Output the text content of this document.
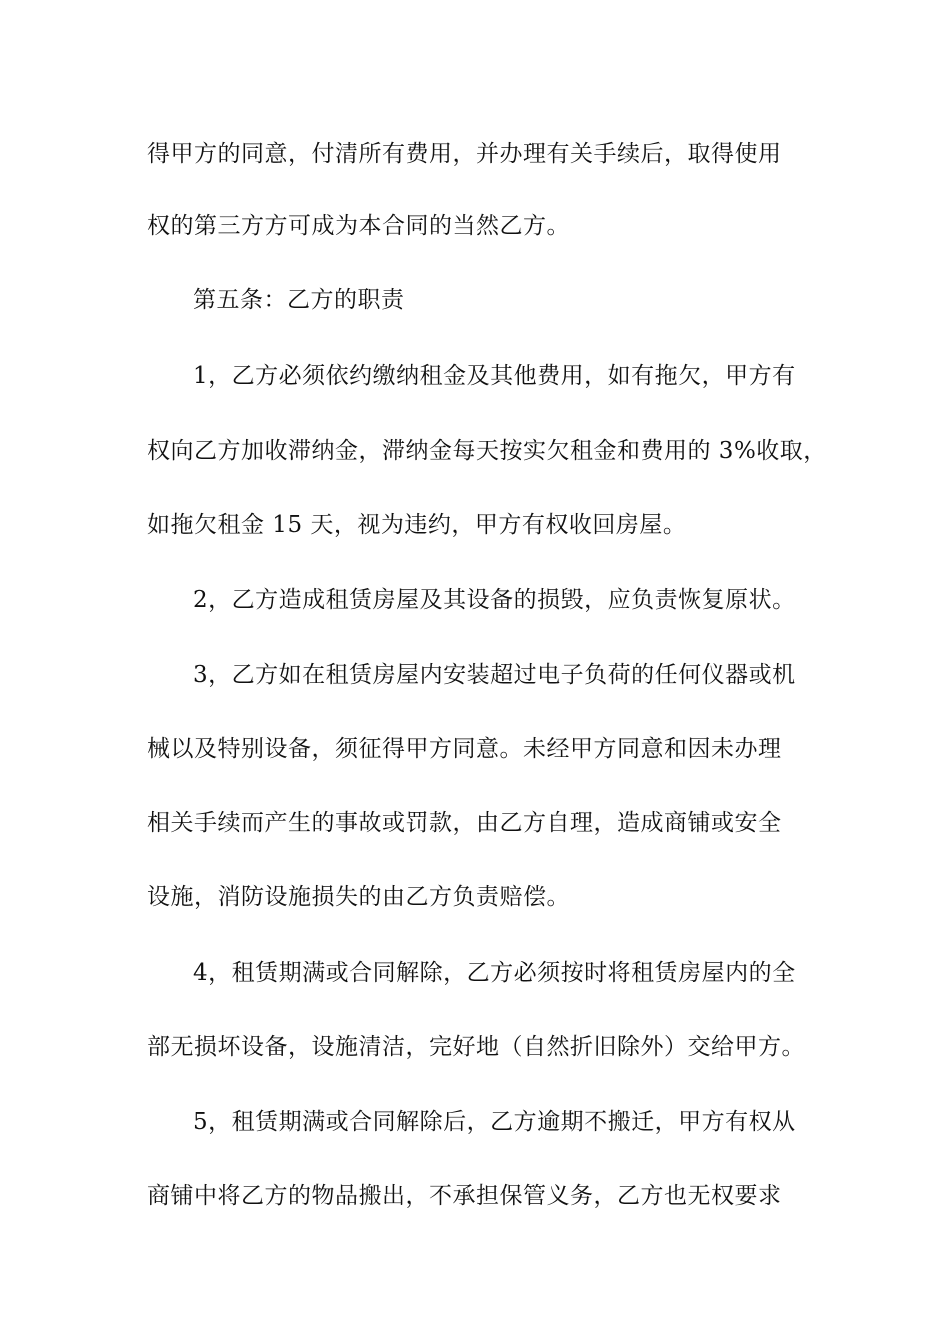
得甲方的同意，付清所有费用，并办理有关手续后，取得使用
权的第三方方可成为本合同的当然乙方。
第五条：乙方的职责
1，乙方必须依约缴纳租金及其他费用，如有拖欠，甲方有
权向乙方加收滞纳金，滞纳金每天按实欠租金和费用的 3%收取，
如拖欠租金 15 天，视为违约，甲方有权收回房屋。
2，乙方造成租赁房屋及其设备的损毁，应负责恢复原状。
3，乙方如在租赁房屋内安装超过电子负荷的任何仪器或机
械以及特别设备，须征得甲方同意。未经甲方同意和因未办理
相关手续而产生的事故或罚款，由乙方自理，造成商铺或安全
设施，消防设施损失的由乙方负责赔偿。
4，租赁期满或合同解除，乙方必须按时将租赁房屋内的全
部无损坏设备，设施清洁，完好地（自然折旧除外）交给甲方。
5，租赁期满或合同解除后，乙方逾期不搬迁，甲方有权从
商铺中将乙方的物品搬出，不承担保管义务，乙方也无权要求
